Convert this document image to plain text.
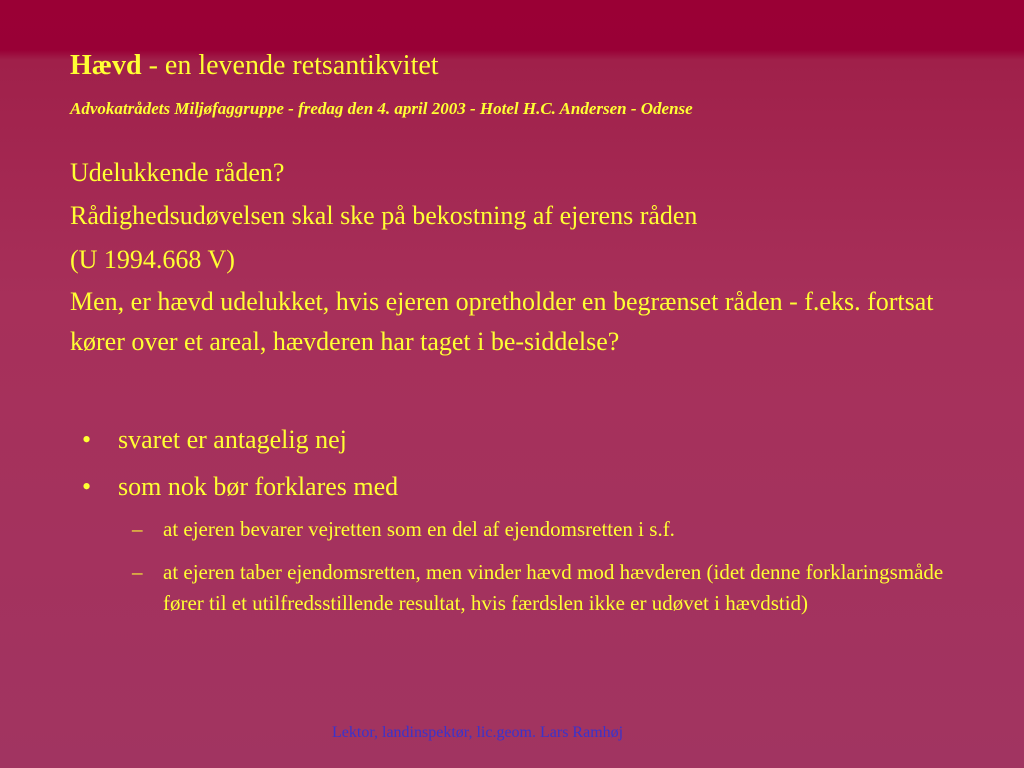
Hævd - en levende retsantikvitet
Advokatrådets Miljøfaggruppe - fredag den 4. april 2003 - Hotel H.C. Andersen - Odense
Udelukkende råden?
Rådighedsudøvelsen skal ske på bekostning af ejerens råden
(U 1994.668 V)
Men, er hævd udelukket, hvis ejeren opretholder en begrænset råden - f.eks. fortsat kører over et areal, hævderen har taget i be-siddelse?
• svaret er antagelig nej
• som nok bør forklares med
– at ejeren bevarer vejretten som en del af ejendomsretten i s.f.
– at ejeren taber ejendomsretten, men vinder hævd mod hævderen (idet denne forklaringsmåde fører til et utilfredsstillende resultat, hvis færdslen ikke er udøvet i hævdstid)
Lektor, landinspektør, lic.geom. Lars Ramhøj
